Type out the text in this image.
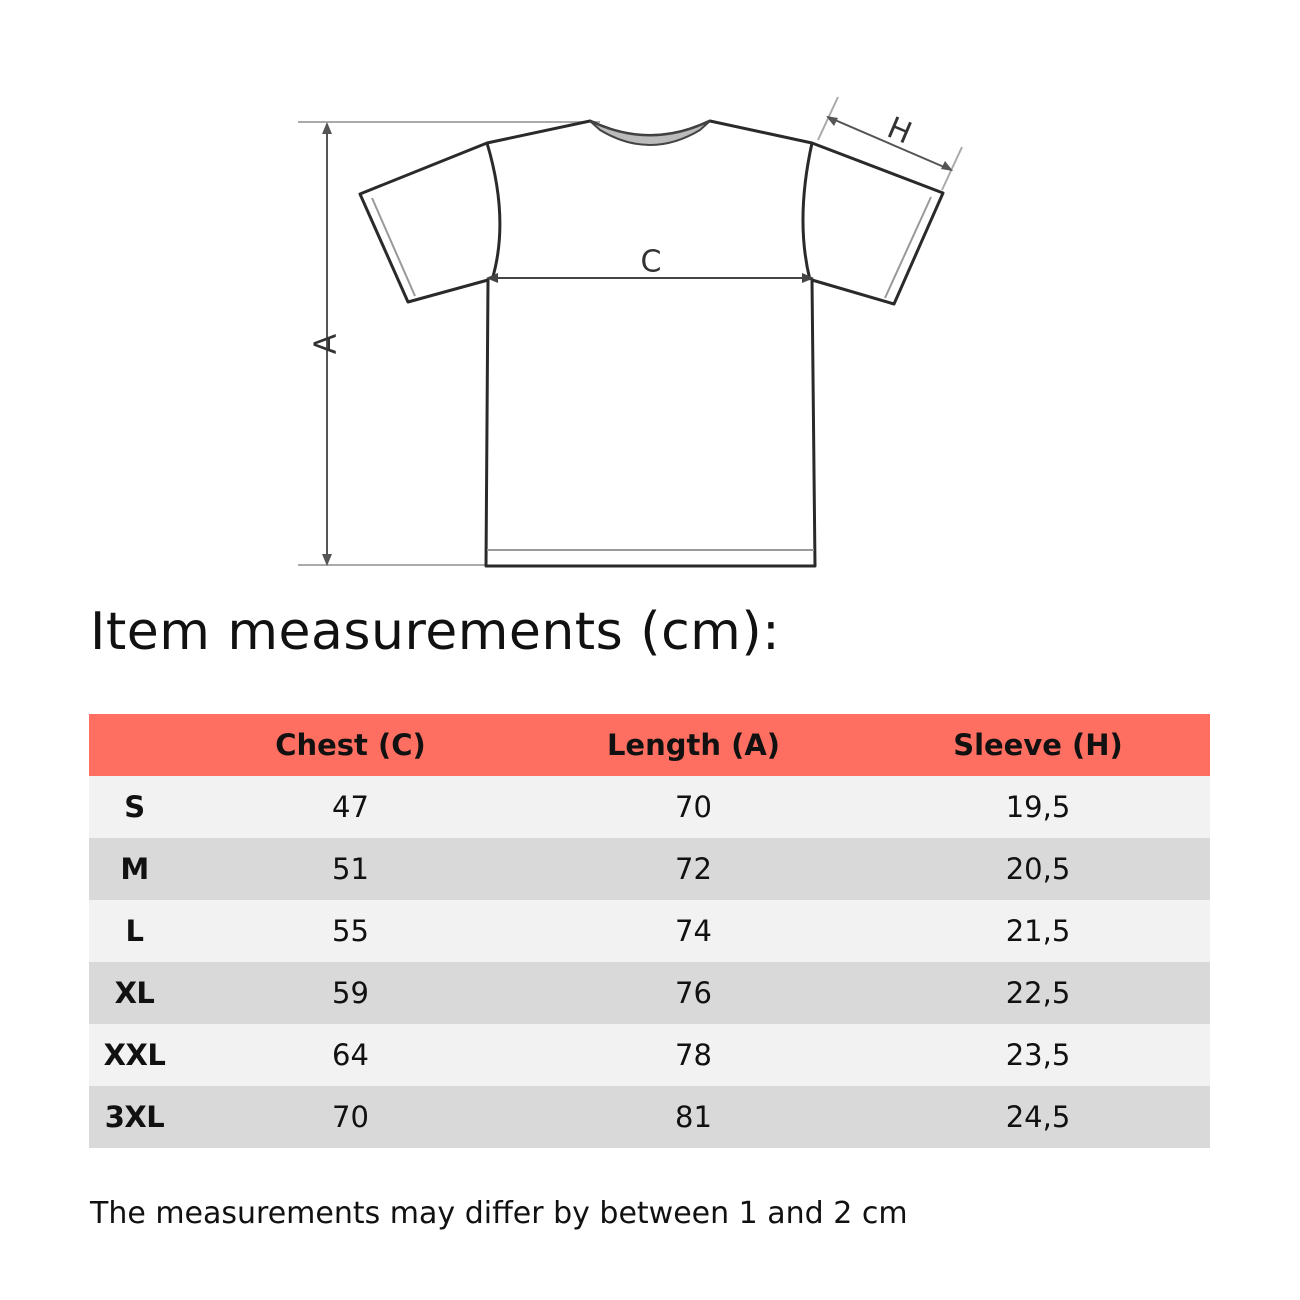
A
H
C
Item measurements (cm):
	Chest (C)	Length (A)	Sleeve (H)
S	47	70	19,5
M	51	72	20,5
L	55	74	21,5
XL	59	76	22,5
XXL	64	78	23,5
3XL	70	81	24,5

The measurements may differ by between 1 and 2 cm
